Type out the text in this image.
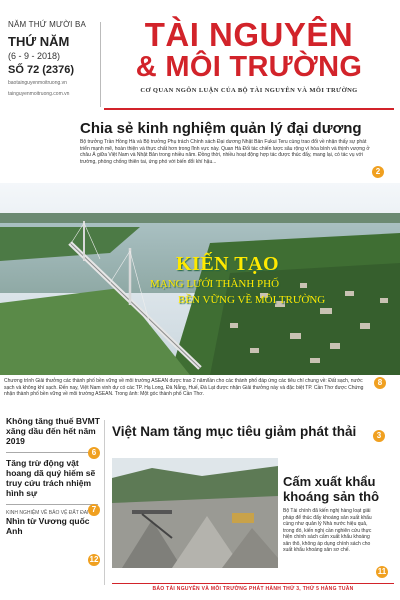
NĂM THỨ MƯỜI BA
THỨ NĂM
(6 - 9 - 2018)
SỐ 72 (2376)
baotainguyenmoitruong.vn
tainguyenmoitruong.com.vn
TÀI NGUYÊN
& MÔI TRƯỜNG
CƠ QUAN NGÔN LUẬN CỦA BỘ TÀI NGUYÊN VÀ MÔI TRƯỜNG
Chia sẻ kinh nghiệm quản lý đại dương
Bộ trưởng Trần Hồng Hà và Bộ trưởng Phụ trách Chính sách Đại dương Nhật Bản Fukui Teru cùng trao đổi về nhận thấy sự phát triển mạnh mẽ, hoàn thiện và thực chất hơn trong lĩnh vực này. Quan Hà Đối tác chiến lược sâu rộng vì hòa bình và thịnh vượng ở châu Á giữa Việt Nam và Nhật Bản trong nhiều năm. Đồng thời, nhiều hoạt động hợp tác được thúc đẩy, mang lại, có tác vụ với trường, phòng chống thiên tai, ứng phó với biến đổi khí hậu...
2
KIẾN TẠO
MẠNG LƯỚI THÀNH PHỐ
BỀN VỮNG VỀ MÔI TRƯỜNG
Chương trình Giải thưởng các thành phố bền vững về môi trường ASEAN được trao 2 năm/lần cho các thành phố đáp ứng các tiêu chí chung về: Đất sạch, nước sạch và không khí sạch. Đến nay, Việt Nam vinh dự có các TP. Hạ Long, Đà Nẵng, Huế, Đà Lạt được nhận Giải thưởng này và đặc biệt TP. Cần Thơ được Chứng nhận thành phố bền vững về môi trường ASEAN. Trong ảnh: Một góc thành phố Cần Thơ.
8
Không tăng thuế BVMT xăng dầu đến hết năm 2019
Tăng trừ động vật hoang dã quý hiếm sẽ truy cứu trách nhiệm hình sự
KINH NGHIỆM VỀ BẢO VỆ ĐẤT ĐAI
Nhìn từ Vương quốc Anh
6
7
12
Việt Nam tăng mục tiêu giảm phát thải	3
Cấm xuất khẩu khoáng sản thô
Bộ Tài chính đã kiến nghị hàng loạt giải pháp để thúc đẩy khoáng sản xuất khẩu cùng như quản lý Nhà nước hiệu quả, trong đó, kiến nghị cần nghiên cứu thực hiện chính sách cấm xuất khẩu khoáng sản thô, không áp dụng chính sách cho xuất khẩu khoáng sản sơ chế.
11
BÁO TÀI NGUYÊN VÀ MÔI TRƯỜNG PHÁT HÀNH THỨ 3, THỨ 5 HÀNG TUẦN
